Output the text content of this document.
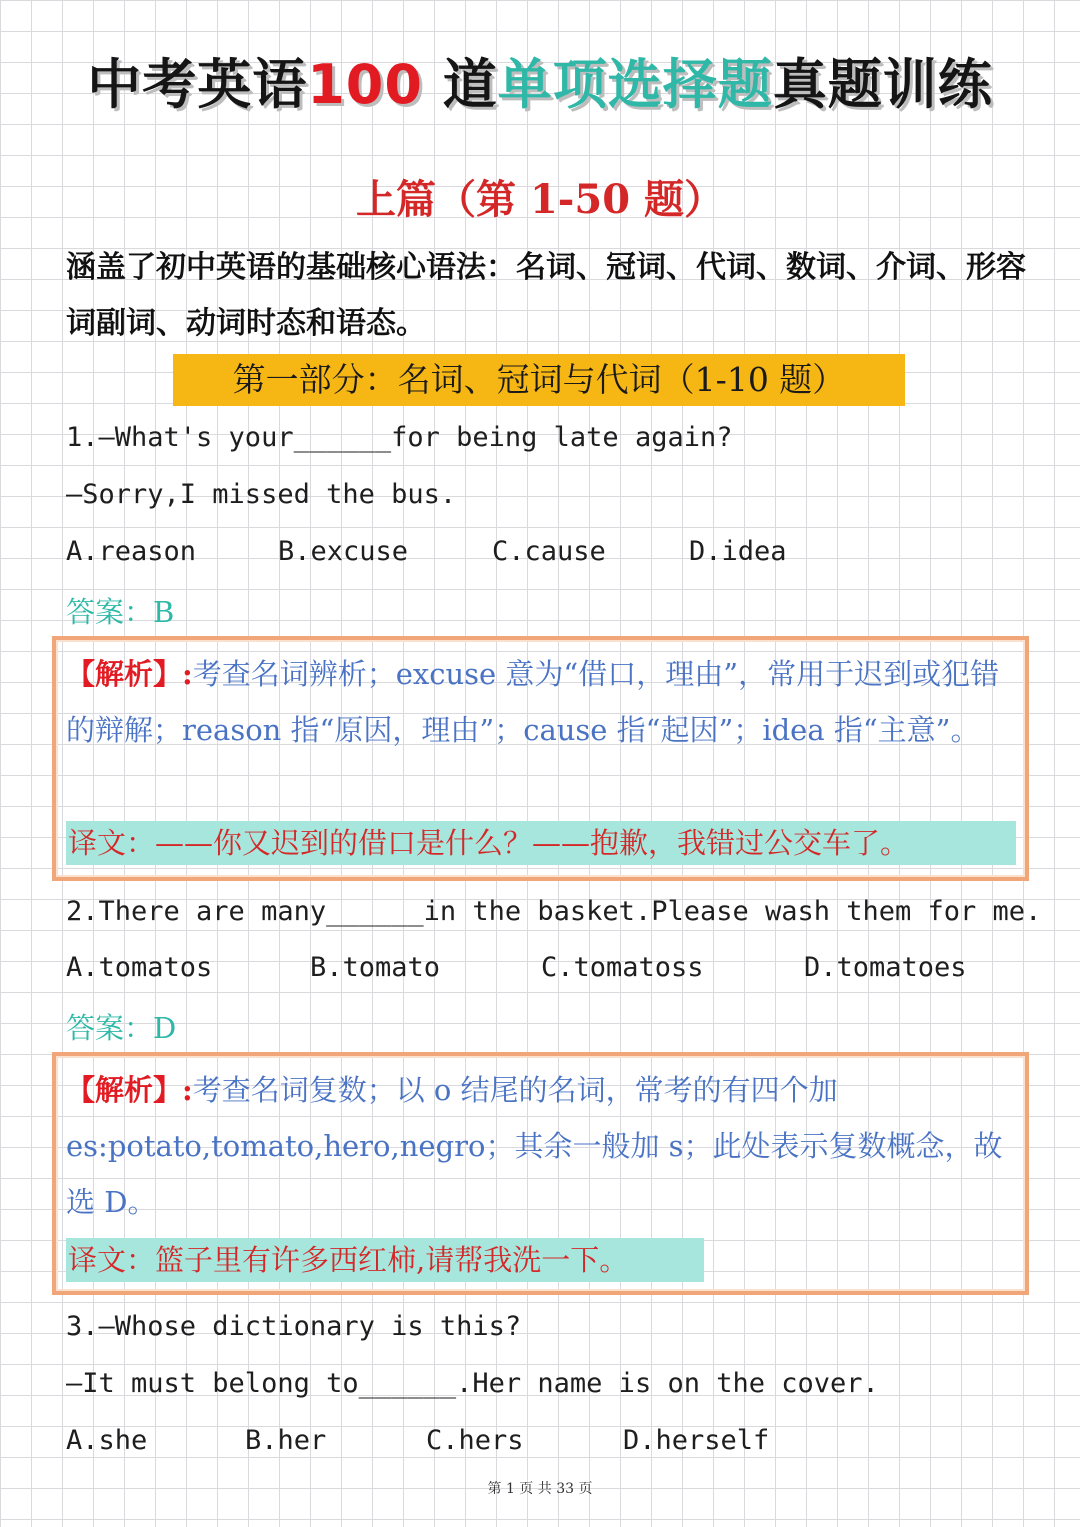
中考英语100 道单项选择题真题训练
上篇（第 1-50 题）
涵盖了初中英语的基础核心语法：名词、冠词、代词、数词、介词、形容词副词、动词时态和语态。
第一部分：名词、冠词与代词（1-10 题）
1.—What's your______for being late again?
—Sorry,I missed the bus.
A.reason	B.excuse	C.cause	D.idea
答案：B
【解析】:考查名词辨析；excuse 意为“借口，理由”，常用于迟到或犯错的辩解；reason 指“原因，理由”；cause 指“起因”；idea 指“主意”。
译文：——你又迟到的借口是什么？——抱歉，我错过公交车了。
2.There are many______in the basket.Please wash them for me.
A.tomatos	B.tomato	C.tomatoss	D.tomatoes
答案：D
【解析】:考查名词复数；以 o 结尾的名词，常考的有四个加 es:potato,tomato,hero,negro；其余一般加 s；此处表示复数概念，故选 D。
译文：篮子里有许多西红柿,请帮我洗一下。
3.—Whose dictionary is this?
—It must belong to______.Her name is on the cover.
A.she	B.her	C.hers	D.herself
第 1 页 共 33 页
